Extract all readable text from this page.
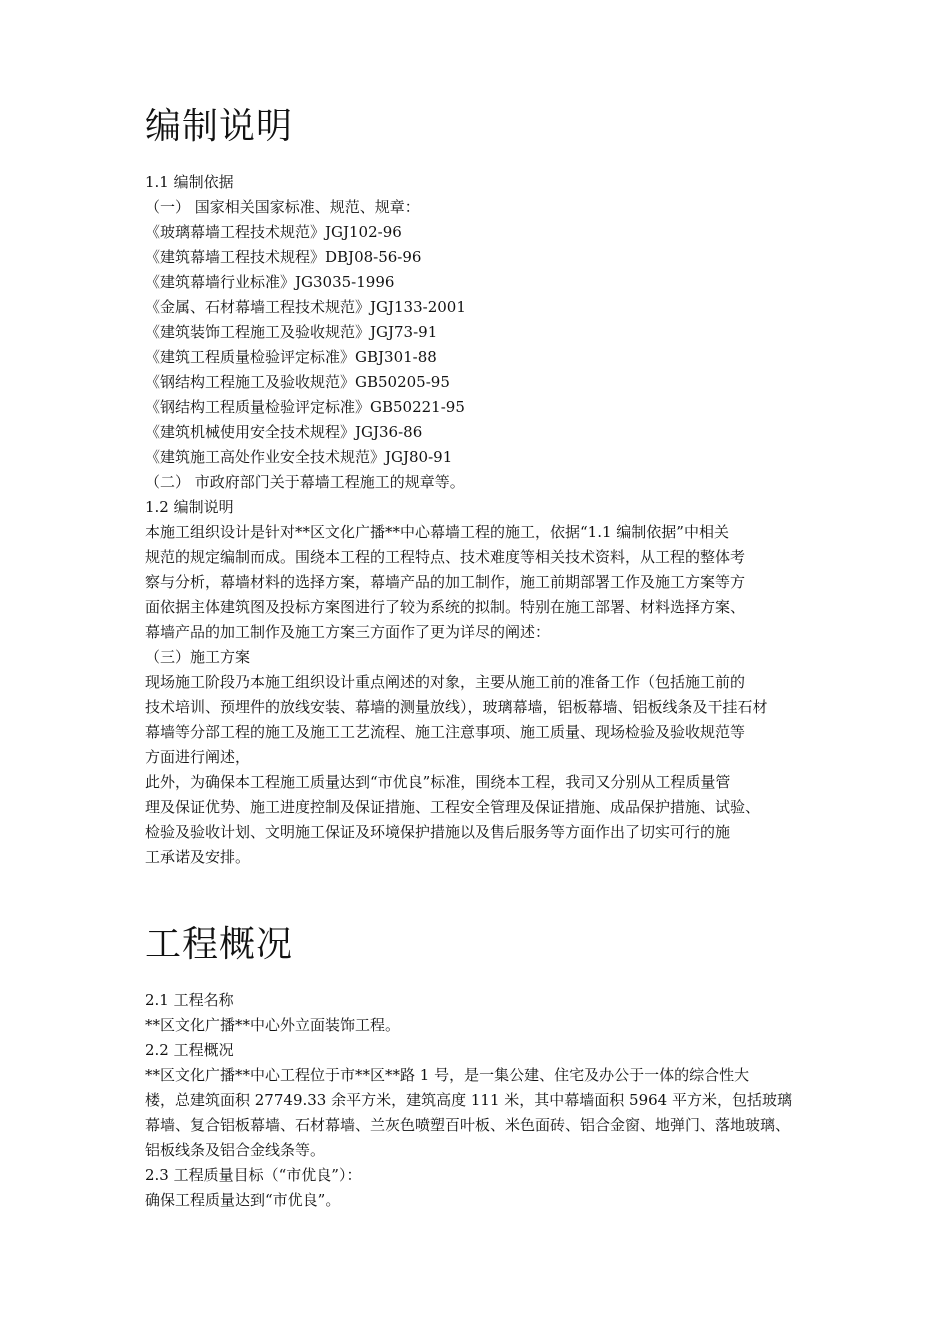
编制说明
1.1 编制依据
（一） 国家相关国家标准、规范、规章：
《玻璃幕墙工程技术规范》JGJ102-96
《建筑幕墙工程技术规程》DBJ08-56-96
《建筑幕墙行业标准》JG3035-1996
《金属、石材幕墙工程技术规范》JGJ133-2001
《建筑装饰工程施工及验收规范》JGJ73-91
《建筑工程质量检验评定标准》GBJ301-88
《钢结构工程施工及验收规范》GB50205-95
《钢结构工程质量检验评定标准》GB50221-95
《建筑机械使用安全技术规程》JGJ36-86
《建筑施工高处作业安全技术规范》JGJ80-91
（二） 市政府部门关于幕墙工程施工的规章等。
1.2 编制说明
本施工组织设计是针对**区文化广播**中心幕墙工程的施工，依据“1.1 编制依据”中相关
规范的规定编制而成。围绕本工程的工程特点、技术难度等相关技术资料，从工程的整体考
察与分析，幕墙材料的选择方案，幕墙产品的加工制作，施工前期部署工作及施工方案等方
面依据主体建筑图及投标方案图进行了较为系统的拟制。特别在施工部署、材料选择方案、
幕墙产品的加工制作及施工方案三方面作了更为详尽的阐述：
（三）施工方案
现场施工阶段乃本施工组织设计重点阐述的对象，主要从施工前的准备工作（包括施工前的
技术培训、预埋件的放线安装、幕墙的测量放线），玻璃幕墙，铝板幕墙、铝板线条及干挂石材
幕墙等分部工程的施工及施工工艺流程、施工注意事项、施工质量、现场检验及验收规范等
方面进行阐述，
此外，为确保本工程施工质量达到“市优良”标准，围绕本工程，我司又分别从工程质量管
理及保证优势、施工进度控制及保证措施、工程安全管理及保证措施、成品保护措施、试验、
检验及验收计划、文明施工保证及环境保护措施以及售后服务等方面作出了切实可行的施
工承诺及安排。
工程概况
2.1 工程名称
**区文化广播**中心外立面装饰工程。
2.2 工程概况
**区文化广播**中心工程位于市**区**路 1 号，是一集公建、住宅及办公于一体的综合性大
楼，总建筑面积 27749.33 余平方米，建筑高度 111 米，其中幕墙面积 5964 平方米，包括玻璃
幕墙、复合铝板幕墙、石材幕墙、兰灰色喷塑百叶板、米色面砖、铝合金窗、地弹门、落地玻璃、
铝板线条及铝合金线条等。
2.3 工程质量目标（“市优良”）：
确保工程质量达到“市优良”。
